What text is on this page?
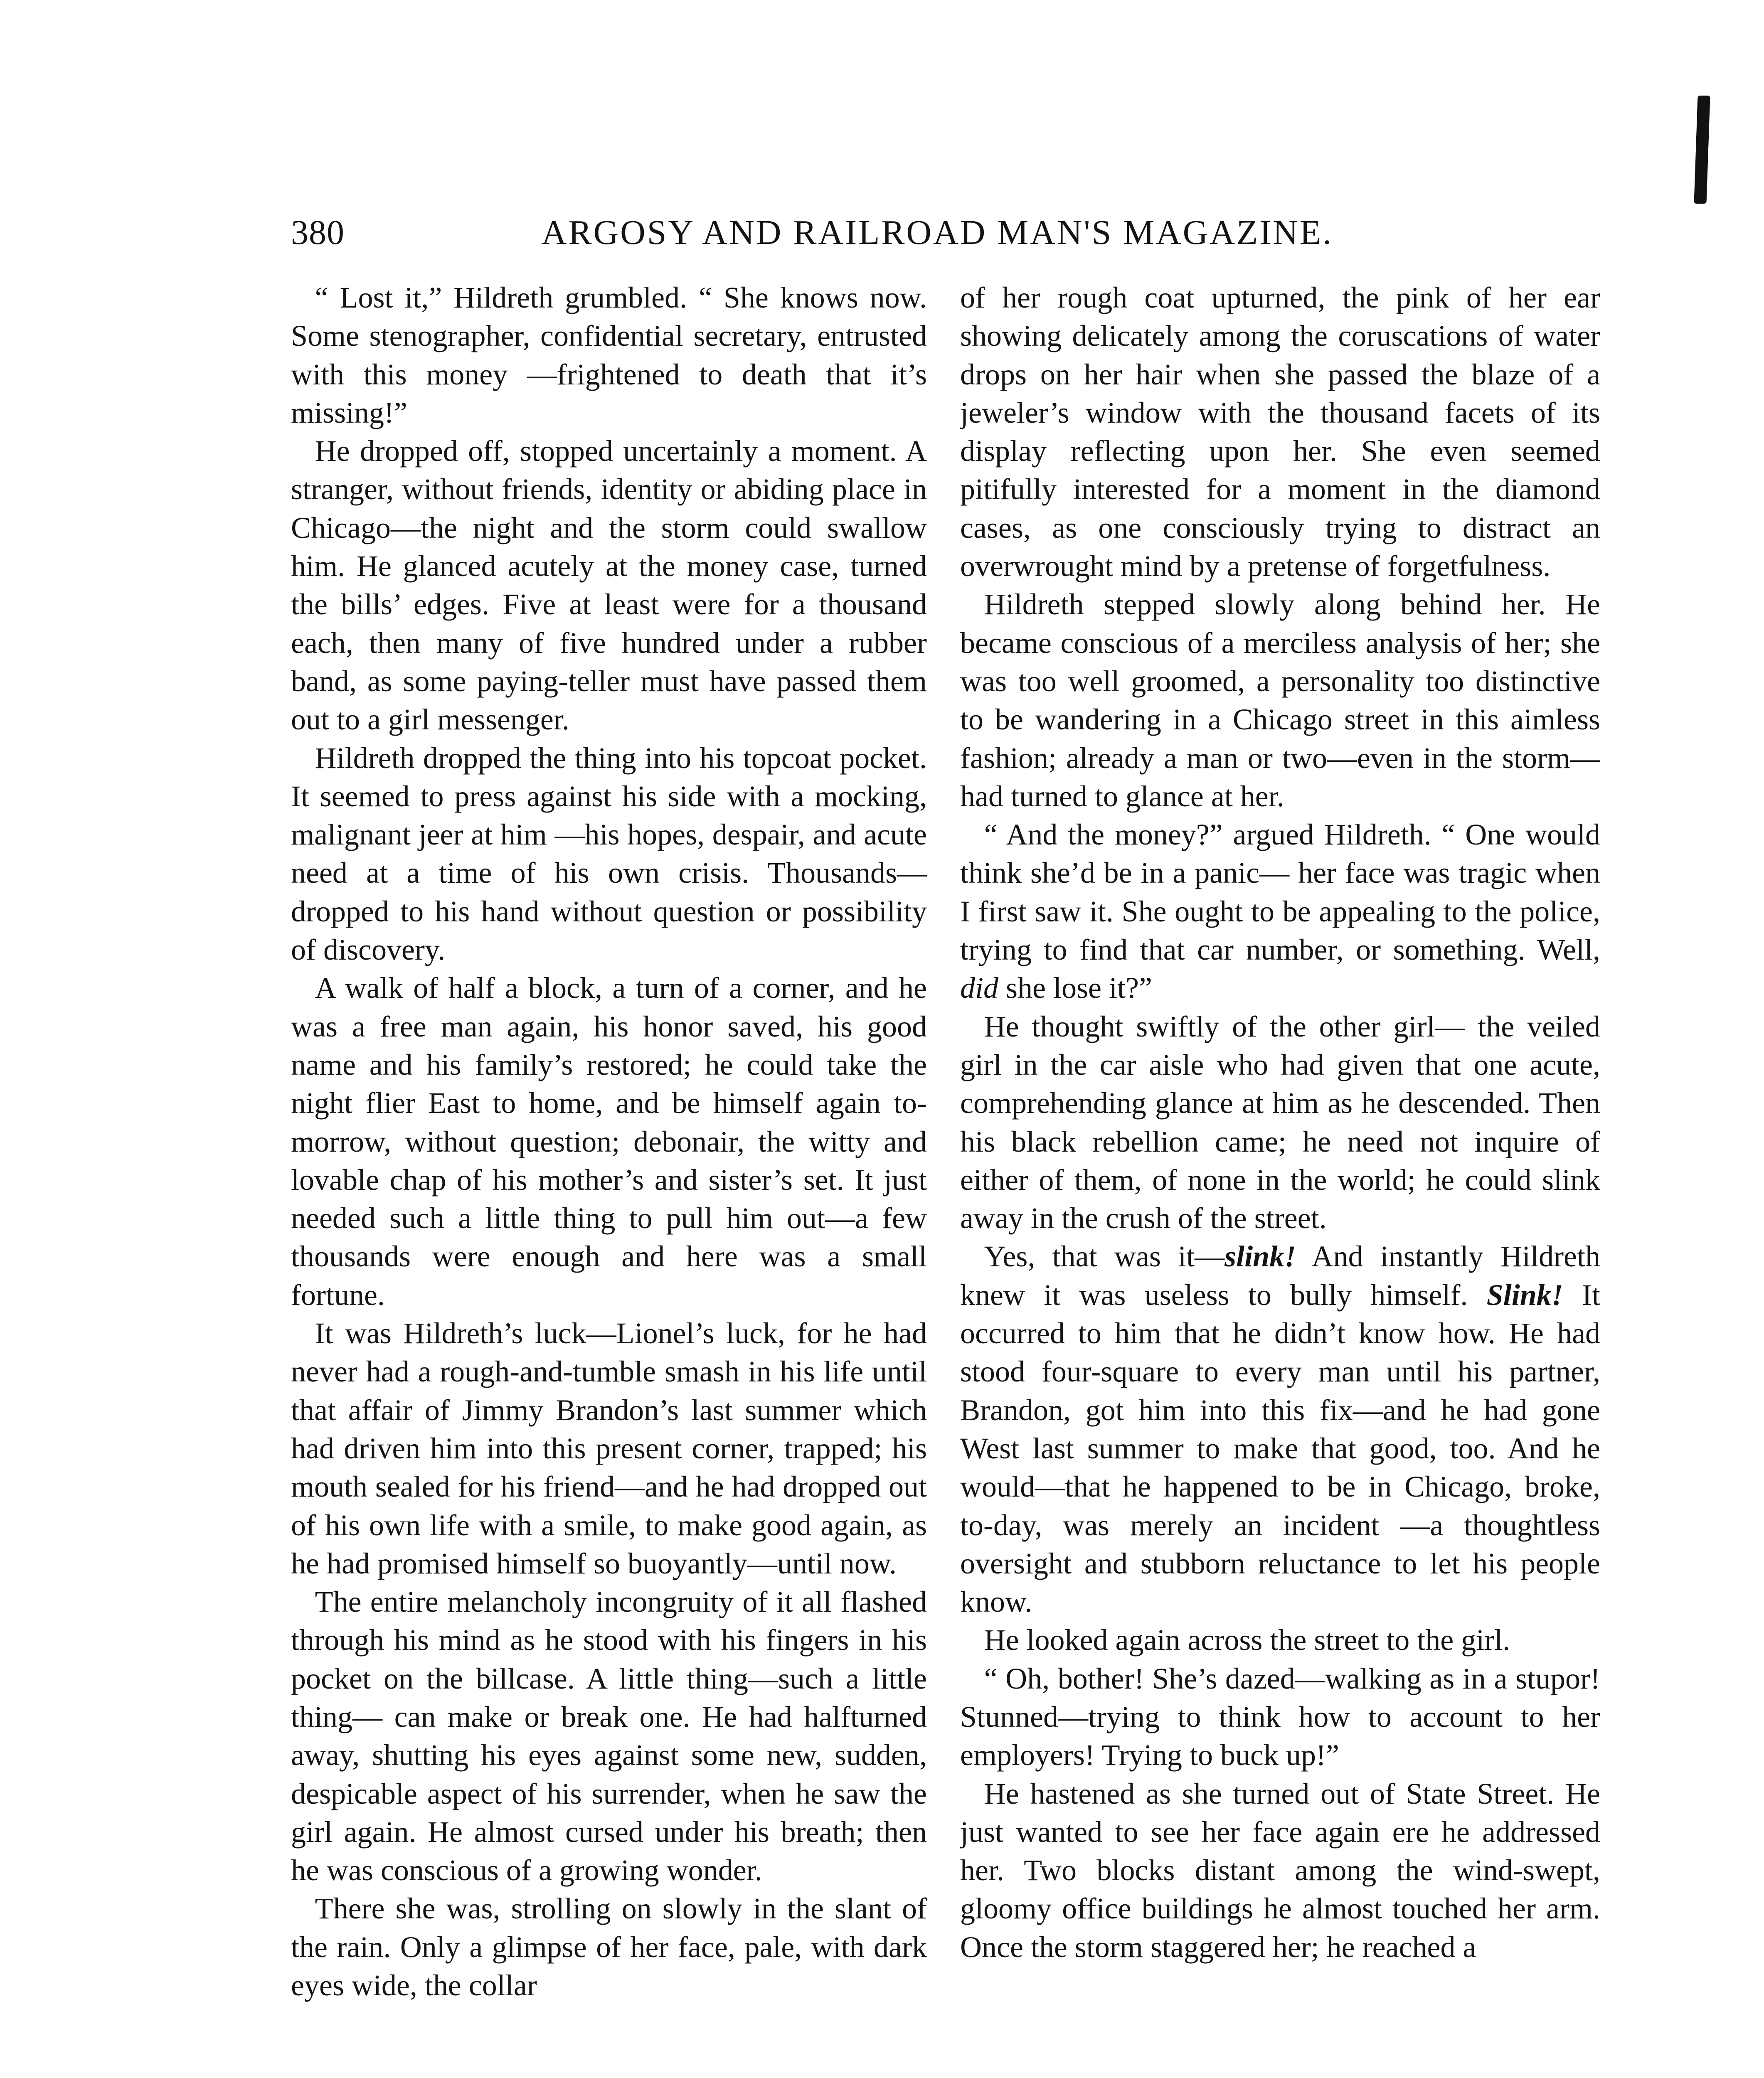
380	ARGOSY AND RAILROAD MAN'S MAGAZINE.

“ Lost it,” Hildreth grumbled. “ She knows now. Some stenographer, confidential secretary, entrusted with this money —frightened to death that it’s missing!”

He dropped off, stopped uncertainly a moment. A stranger, without friends, identity or abiding place in Chicago—the night and the storm could swallow him. He glanced acutely at the money case, turned the bills’ edges. Five at least were for a thousand each, then many of five hundred under a rubber band, as some paying-teller must have passed them out to a girl messenger.

Hildreth dropped the thing into his topcoat pocket. It seemed to press against his side with a mocking, malignant jeer at him —his hopes, despair, and acute need at a time of his own crisis. Thousands—dropped to his hand without question or possibility of discovery.

A walk of half a block, a turn of a corner, and he was a free man again, his honor saved, his good name and his family’s restored; he could take the night flier East to home, and be himself again to-morrow, without question; debonair, the witty and lovable chap of his mother’s and sister’s set. It just needed such a little thing to pull him out—a few thousands were enough and here was a small fortune.

It was Hildreth’s luck—Lionel’s luck, for he had never had a rough-and-tumble smash in his life until that affair of Jimmy Brandon’s last summer which had driven him into this present corner, trapped; his mouth sealed for his friend—and he had dropped out of his own life with a smile, to make good again, as he had promised himself so buoyantly—until now.

The entire melancholy incongruity of it all flashed through his mind as he stood with his fingers in his pocket on the billcase. A little thing—such a little thing— can make or break one. He had halfturned away, shutting his eyes against some new, sudden, despicable aspect of his surrender, when he saw the girl again. He almost cursed under his breath; then he was conscious of a growing wonder.

There she was, strolling on slowly in the slant of the rain. Only a glimpse of her face, pale, with dark eyes wide, the collar

of her rough coat upturned, the pink of her ear showing delicately among the coruscations of water drops on her hair when she passed the blaze of a jeweler’s window with the thousand facets of its display reflecting upon her. She even seemed pitifully interested for a moment in the diamond cases, as one consciously trying to distract an overwrought mind by a pretense of forgetfulness.

Hildreth stepped slowly along behind her. He became conscious of a merciless analysis of her; she was too well groomed, a personality too distinctive to be wandering in a Chicago street in this aimless fashion; already a man or two—even in the storm— had turned to glance at her.

“ And the money?” argued Hildreth. “ One would think she’d be in a panic— her face was tragic when I first saw it. She ought to be appealing to the police, trying to find that car number, or something. Well, did she lose it?”

He thought swiftly of the other girl— the veiled girl in the car aisle who had given that one acute, comprehending glance at him as he descended. Then his black rebellion came; he need not inquire of either of them, of none in the world; he could slink away in the crush of the street.

Yes, that was it—slink! And instantly Hildreth knew it was useless to bully himself. Slink! It occurred to him that he didn’t know how. He had stood four-square to every man until his partner, Brandon, got him into this fix—and he had gone West last summer to make that good, too. And he would—that he happened to be in Chicago, broke, to-day, was merely an incident —a thoughtless oversight and stubborn reluctance to let his people know.

He looked again across the street to the girl.

“ Oh, bother! She’s dazed—walking as in a stupor! Stunned—trying to think how to account to her employers! Trying to buck up!”

He hastened as she turned out of State Street. He just wanted to see her face again ere he addressed her. Two blocks distant among the wind-swept, gloomy office buildings he almost touched her arm. Once the storm staggered her; he reached a
